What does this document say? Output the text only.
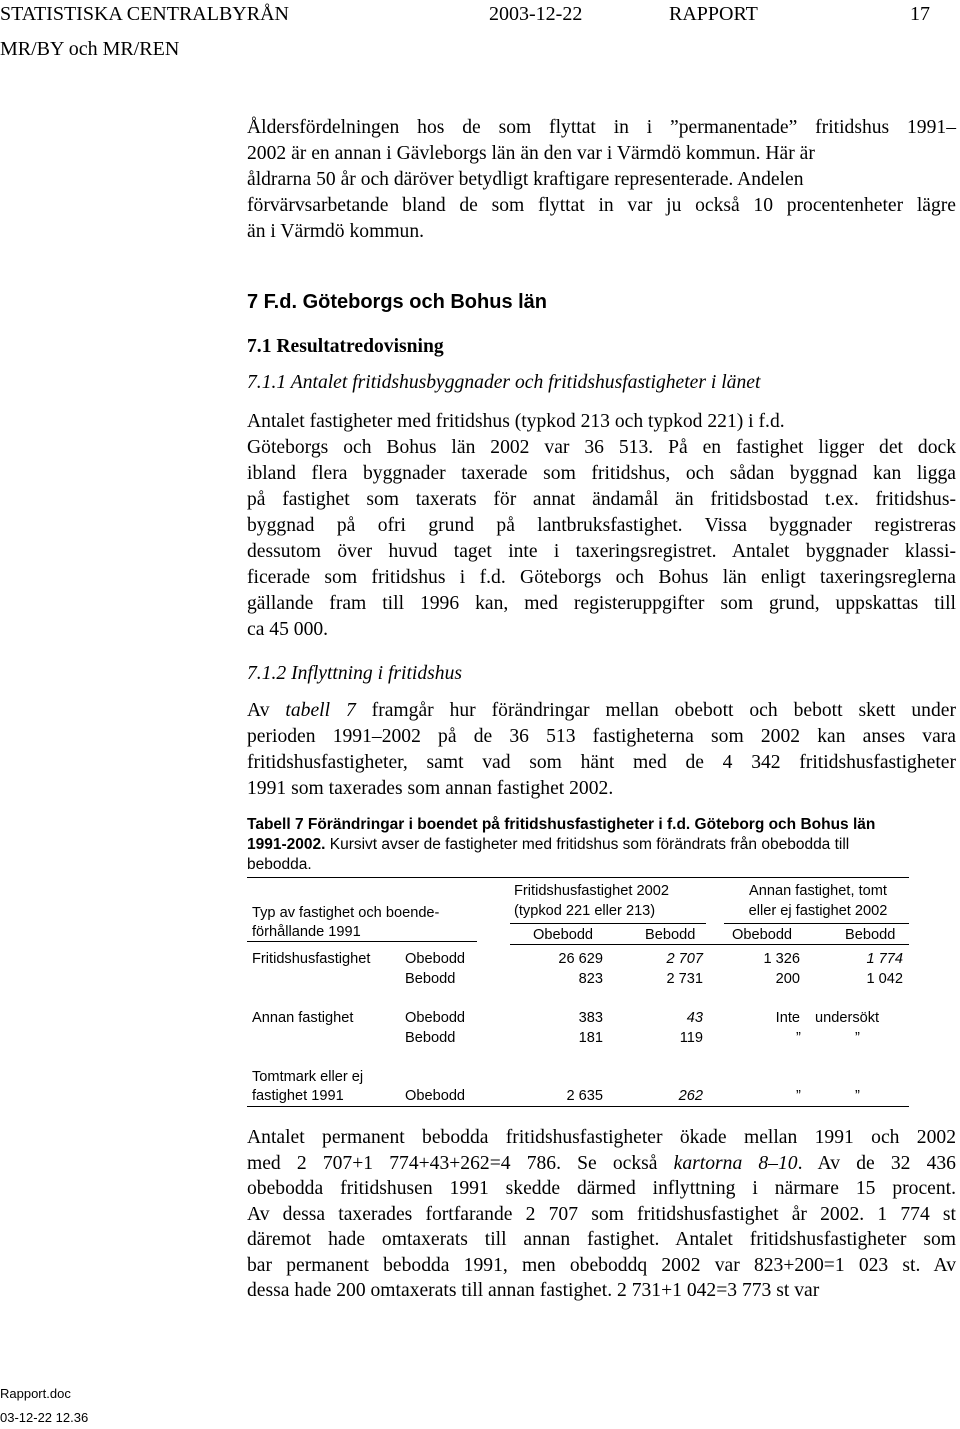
STATISTISKA CENTRALBYRÅN	2003-12-22	RAPPORT	17
MR/BY och MR/REN
Åldersfördelningen hos de som flyttat in i ”permanentade” fritidshus 1991–
2002 är en annan i Gävleborgs län än den var i Värmdö kommun. Här är
åldrarna 50 år och däröver betydligt kraftigare representerade. Andelen
förvärvsarbetande bland de som flyttat in var ju också 10 procentenheter lägre
än i Värmdö kommun.
7 F.d. Göteborgs och Bohus län
7.1 Resultatredovisning
7.1.1 Antalet fritidshusbyggnader och fritidshusfastigheter i länet
Antalet fastigheter med fritidshus (typkod 213 och typkod 221) i f.d.
Göteborgs och Bohus län 2002 var 36 513. På en fastighet ligger det dock
ibland flera byggnader taxerade som fritidshus, och sådan byggnad kan ligga
på fastighet som taxerats för annat ändamål än fritidsbostad t.ex. fritidshus-
byggnad på ofri grund på lantbruksfastighet. Vissa byggnader registreras
dessutom över huvud taget inte i taxeringsregistret. Antalet byggnader klassi-
ficerade som fritidshus i f.d. Göteborgs och Bohus län enligt taxeringsreglerna
gällande fram till 1996 kan, med registeruppgifter som grund, uppskattas till
ca 45 000.
7.1.2 Inflyttning i fritidshus
Av tabell 7 framgår hur förändringar mellan obebott och bebott skett under
perioden 1991–2002 på de 36 513 fastigheterna som 2002 kan anses vara
fritidshusfastigheter, samt vad som hänt med de 4 342 fritidshusfastigheter
1991 som taxerades som annan fastighet 2002.
Tabell 7 Förändringar i boendet på fritidshusfastigheter i f.d. Göteborg och Bohus län
1991-2002. Kursivt avser de fastigheter med fritidshus som förändrats från obebodda till
bebodda.
Typ av fastighet och boende-
förhållande 1991
Fritidshusfastighet 2002
(typkod 221 eller 213)
Annan fastighet, tomt
eller ej fastighet 2002
Obebodd	Bebodd	Obebodd	Bebodd
Fritidshusfastighet Obebodd	26 629	2 707	1 326	1 774
Bebodd	823	2 731	200	1 042
Annan fastighet	Obebodd	383	43	Inte undersökt
Bebodd	181	119	”	”
Tomtmark eller ej
fastighet 1991	Obebodd	2 635	262	”	”
Antalet permanent bebodda fritidshusfastigheter ökade mellan 1991 och 2002
med 2 707+1 774+43+262=4 786. Se också kartorna 8–10. Av de 32 436
obebodda fritidshusen 1991 skedde därmed inflyttning i närmare 15 procent.
Av dessa taxerades fortfarande 2 707 som fritidshusfastighet år 2002. 1 774 st
däremot hade omtaxerats till annan fastighet. Antalet fritidshusfastigheter som
bar permanent bebodda 1991, men obeboddq 2002 var 823+200=1 023 st. Av
dessa hade 200 omtaxerats till annan fastighet. 2 731+1 042=3 773 st var
Rapport.doc
03-12-22 12.36
